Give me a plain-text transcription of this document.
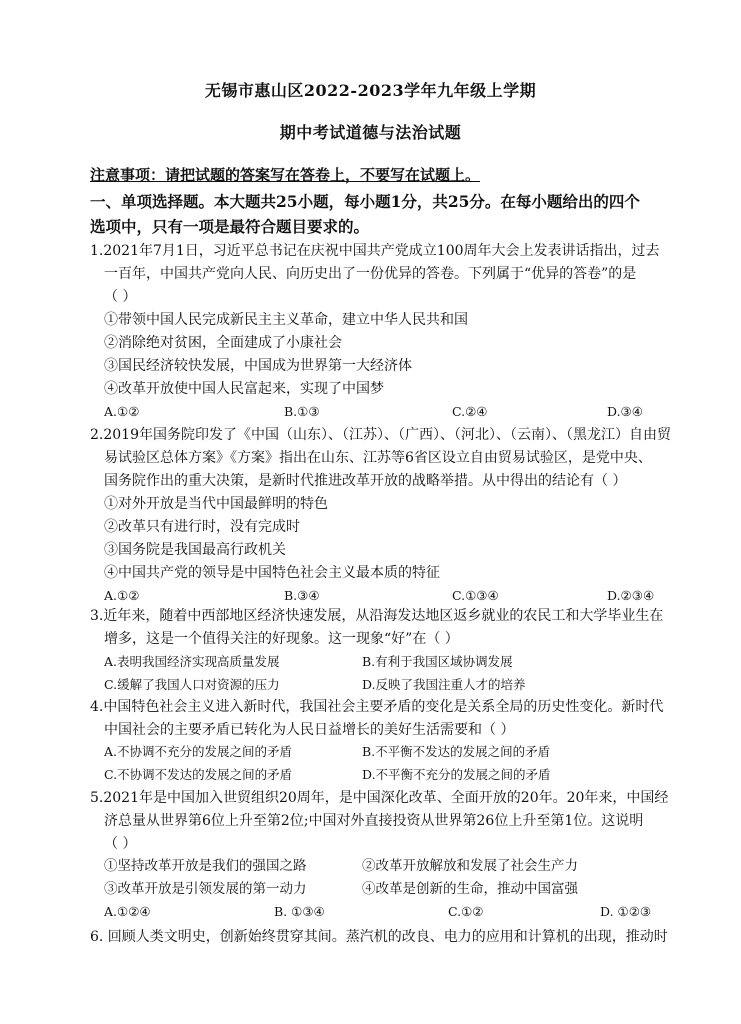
无锡市惠山区2022-2023学年九年级上学期
期中考试道德与法治试题
注意事项：请把试题的答案写在答卷上，不要写在试题上。
一、单项选择题。本大题共25小题，每小题1分，共25分。在每小题给出的四个
选项中，只有一项是最符合题目要求的。
1.2021年7月1日，习近平总书记在庆祝中国共产党成立100周年大会上发表讲话指出，过去
一百年，中国共产党向人民、向历史出了一份优异的答卷。下列属于“优异的答卷”的是
（ ）
①带领中国人民完成新民主主义革命，建立中华人民共和国
②消除绝对贫困，全面建成了小康社会
③国民经济较快发展，中国成为世界第一大经济体
④改革开放使中国人民富起来，实现了中国梦
A.①②	B.①③	C.②④	D.③④
2.2019年国务院印发了《中国（山东）、（江苏）、（广西）、（河北）、（云南）、（黑龙江）自由贸
易试验区总体方案》《方案》指出在山东、江苏等6省区设立自由贸易试验区，是党中央、
国务院作出的重大决策，是新时代推进改革开放的战略举措。从中得出的结论有（ ）
①对外开放是当代中国最鲜明的特色
②改革只有进行时，没有完成时
③国务院是我国最高行政机关
④中国共产党的领导是中国特色社会主义最本质的特征
A.①②	B.③④	C.①③④	D.②③④
3.近年来，随着中西部地区经济快速发展，从沿海发达地区返乡就业的农民工和大学毕业生在
增多，这是一个值得关注的好现象。这一现象“好”在（ ）
A.表明我国经济实现高质量发展	B.有利于我国区域协调发展
C.缓解了我国人口对资源的压力	D.反映了我国注重人才的培养
4.中国特色社会主义进入新时代，我国社会主要矛盾的变化是关系全局的历史性变化。新时代
中国社会的主要矛盾已转化为人民日益增长的美好生活需要和（ ）
A.不协调不充分的发展之间的矛盾	B.不平衡不发达的发展之间的矛盾
C.不协调不发达的发展之间的矛盾	D.不平衡不充分的发展之间的矛盾
5.2021年是中国加入世贸组织20周年，是中国深化改革、全面开放的20年。20年来，中国经
济总量从世界第6位上升至第2位;中国对外直接投资从世界第26位上升至第1位。这说明
（ ）
①坚持改革开放是我们的强国之路	②改革开放解放和发展了社会生产力
③改革开放是引领发展的第一动力	④改革是创新的生命，推动中国富强
A.①②④	B. ①③④	C.①②	D. ①②③
6. 回顾人类文明史，创新始终贯穿其间。蒸汽机的改良、电力的应用和计算机的出现，推动时
